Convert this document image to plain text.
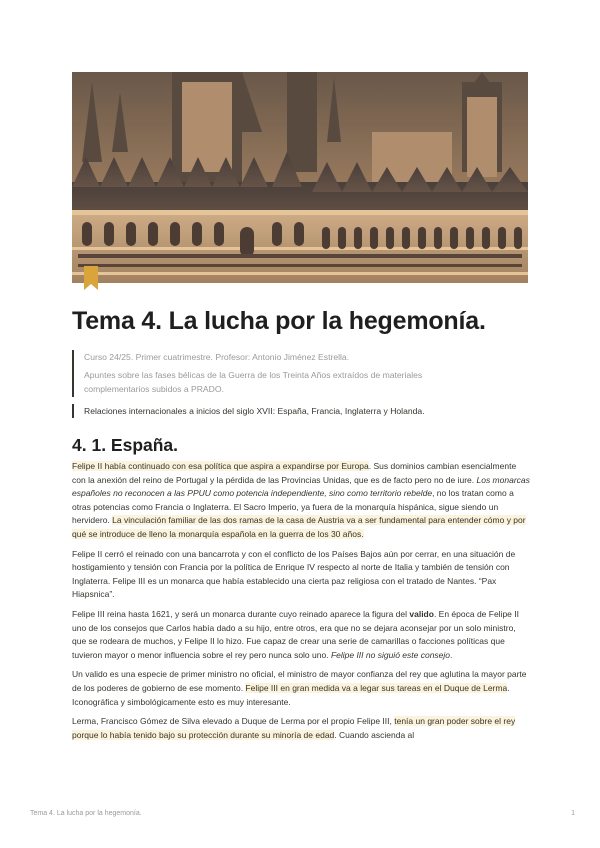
Tema 4. La lucha por la hegemonía.

Curso 24/25. Primer cuatrimestre. Profesor: Antonio Jiménez Estrella.

Apuntes sobre las fases bélicas de la Guerra de los Treinta Años extraídos de materiales complementarios subidos a PRADO.

Relaciones internacionales a inicios del siglo XVII: España, Francia, Inglaterra y Holanda.
4. 1. España.

Felipe II había continuado con esa política que aspira a expandirse por Europa. Sus dominios cambian esencialmente con la anexión del reino de Portugal y la pérdida de las Provincias Unidas, que es de facto pero no de iure. Los monarcas españoles no reconocen a las PPUU como potencia independiente, sino como territorio rebelde, no los tratan como a otras potencias como Francia o Inglaterra. El Sacro Imperio, ya fuera de la monarquía hispánica, sigue siendo un hervidero. La vinculación familiar de las dos ramas de la casa de Austria va a ser fundamental para entender cómo y por qué se introduce de lleno la monarquía española en la guerra de los 30 años.

Felipe II cerró el reinado con una bancarrota y con el conflicto de los Países Bajos aún por cerrar, en una situación de hostigamiento y tensión con Francia por la política de Enrique IV respecto al norte de Italia y también de tensión con Inglaterra. Felipe III es un monarca que había establecido una cierta paz religiosa con el tratado de Nantes. “Pax Hiapsnica”.

Felipe III reina hasta 1621, y será un monarca durante cuyo reinado aparece la figura del valido. En época de Felipe II uno de los consejos que Carlos había dado a su hijo, entre otros, era que no se dejara aconsejar por un solo ministro, que se rodeara de muchos, y Felipe II lo hizo. Fue capaz de crear una serie de camarillas o facciones políticas que tuvieron mayor o menor influencia sobre el rey pero nunca solo uno. Felipe III no siguió este consejo.

Un valido es una especie de primer ministro no oficial, el ministro de mayor confianza del rey que aglutina la mayor parte de los poderes de gobierno de ese momento. Felipe III en gran medida va a legar sus tareas en el Duque de Lerma. Iconográfica y simbológicamente esto es muy interesante.

Lerma, Francisco Gómez de Silva elevado a Duque de Lerma por el propio Felipe III, tenía un gran poder sobre el rey porque lo había tenido bajo su protección durante su minoría de edad. Cuando ascienda al

Tema 4. La lucha por la hegemonía.	1
